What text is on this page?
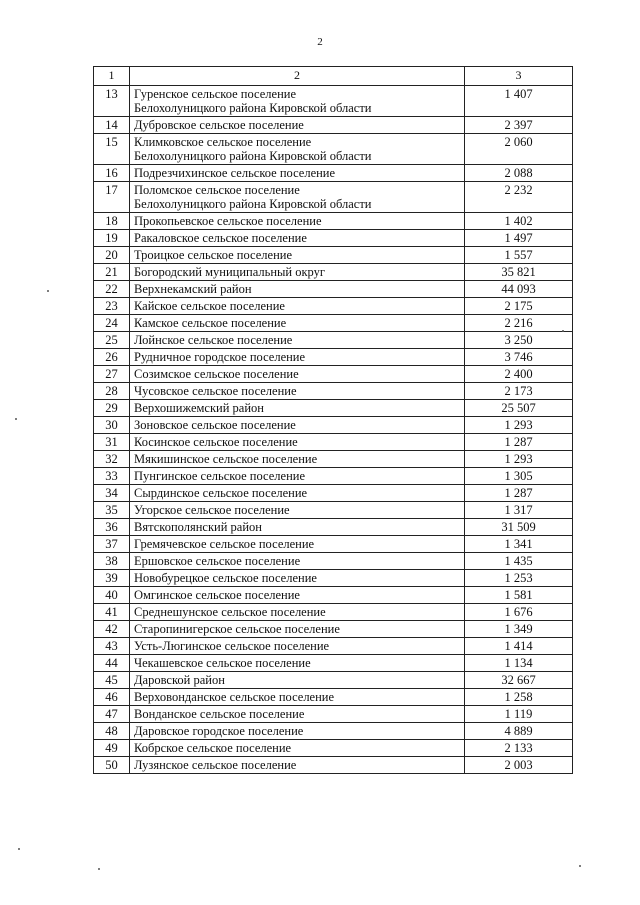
2
1	2	3
13	Гуренское сельское поселение
Белохолуницкого района Кировской области	1 407
14	Дубровское сельское поселение	2 397
15	Климковское сельское поселение
Белохолуницкого района Кировской области	2 060
16	Подрезчихинское сельское поселение	2 088
17	Поломское сельское поселение
Белохолуницкого района Кировской области	2 232
18	Прокопьевское сельское поселение	1 402
19	Ракаловское сельское поселение	1 497
20	Троицкое сельское поселение	1 557
21	Богородский муниципальный округ	35 821
22	Верхнекамский район	44 093
23	Кайское сельское поселение	2 175
24	Камское сельское поселение	2 216
25	Лойнское сельское поселение	3 250
26	Рудничное городское поселение	3 746
27	Созимское сельское поселение	2 400
28	Чусовское сельское поселение	2 173
29	Верхошижемский район	25 507
30	Зоновское сельское поселение	1 293
31	Косинское сельское поселение	1 287
32	Мякишинское сельское поселение	1 293
33	Пунгинское сельское поселение	1 305
34	Сырдинское сельское поселение	1 287
35	Угорское сельское поселение	1 317
36	Вятскополянский район	31 509
37	Гремячевское сельское поселение	1 341
38	Ершовское сельское поселение	1 435
39	Новобурецкое сельское поселение	1 253
40	Омгинское сельское поселение	1 581
41	Среднешунское сельское поселение	1 676
42	Старопинигерское сельское поселение	1 349
43	Усть-Люгинское сельское поселение	1 414
44	Чекашевское сельское поселение	1 134
45	Даровской район	32 667
46	Верховонданское сельское поселение	1 258
47	Вонданское сельское поселение	1 119
48	Даровское городское поселение	4 889
49	Кобрское сельское поселение	2 133
50	Лузянское сельское поселение	2 003
